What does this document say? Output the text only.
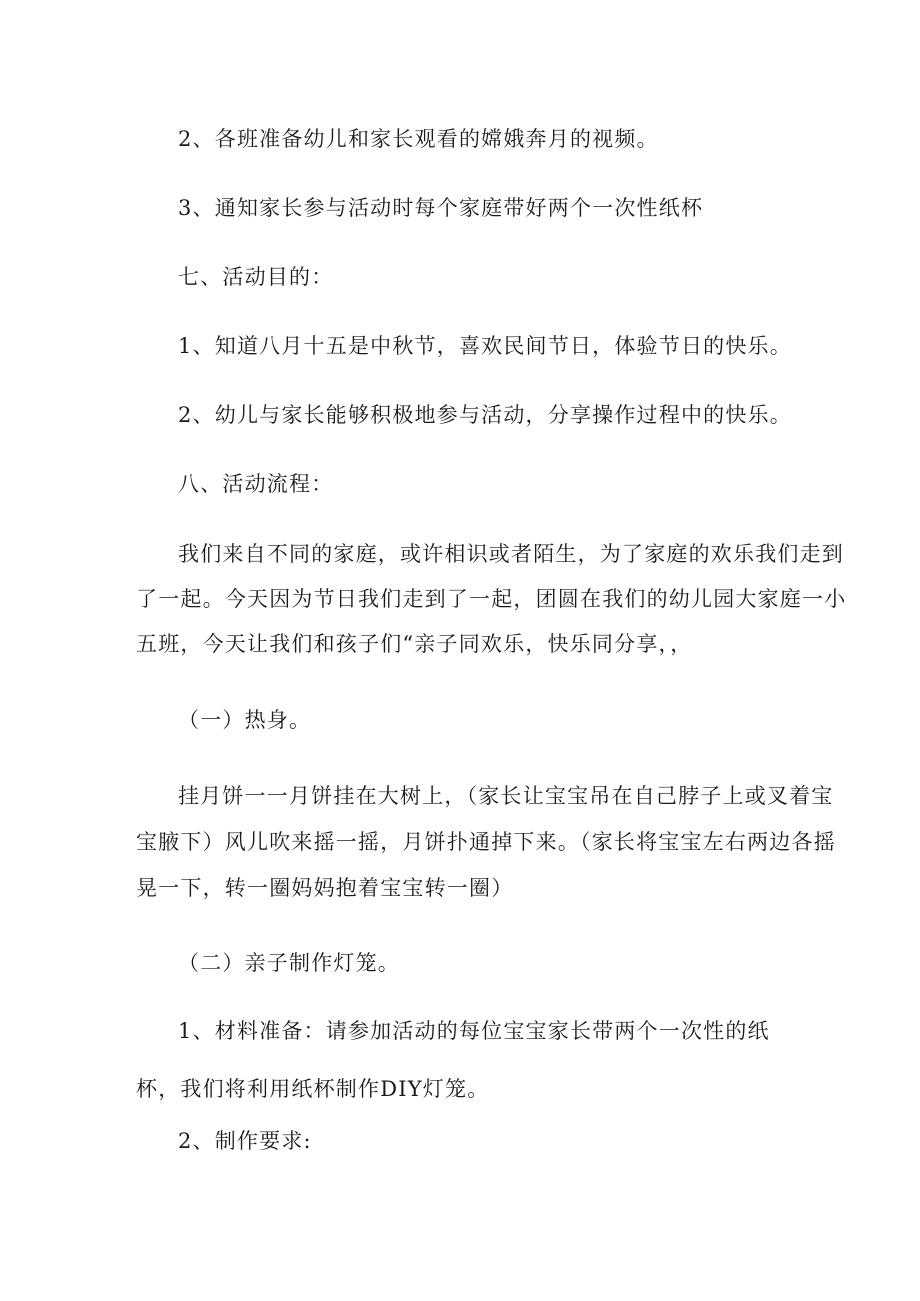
2、各班准备幼儿和家长观看的嫦娥奔月的视频。
3、通知家长参与活动时每个家庭带好两个一次性纸杯
七、活动目的：
1、知道八月十五是中秋节，喜欢民间节日，体验节日的快乐。
2、幼儿与家长能够积极地参与活动，分享操作过程中的快乐。
八、活动流程：
我们来自不同的家庭，或许相识或者陌生，为了家庭的欢乐我们走到
了一起。今天因为节日我们走到了一起，团圆在我们的幼儿园大家庭一小
五班，今天让我们和孩子们“亲子同欢乐，快乐同分享，，
（一）热身。
挂月饼一一月饼挂在大树上，（家长让宝宝吊在自己脖子上或叉着宝
宝腋下）风儿吹来摇一摇，月饼扑通掉下来。（家长将宝宝左右两边各摇
晃一下，转一圈妈妈抱着宝宝转一圈）
（二）亲子制作灯笼。
1、材料准备：请参加活动的每位宝宝家长带两个一次性的纸
杯，我们将利用纸杯制作DIY灯笼。
2、制作要求:
